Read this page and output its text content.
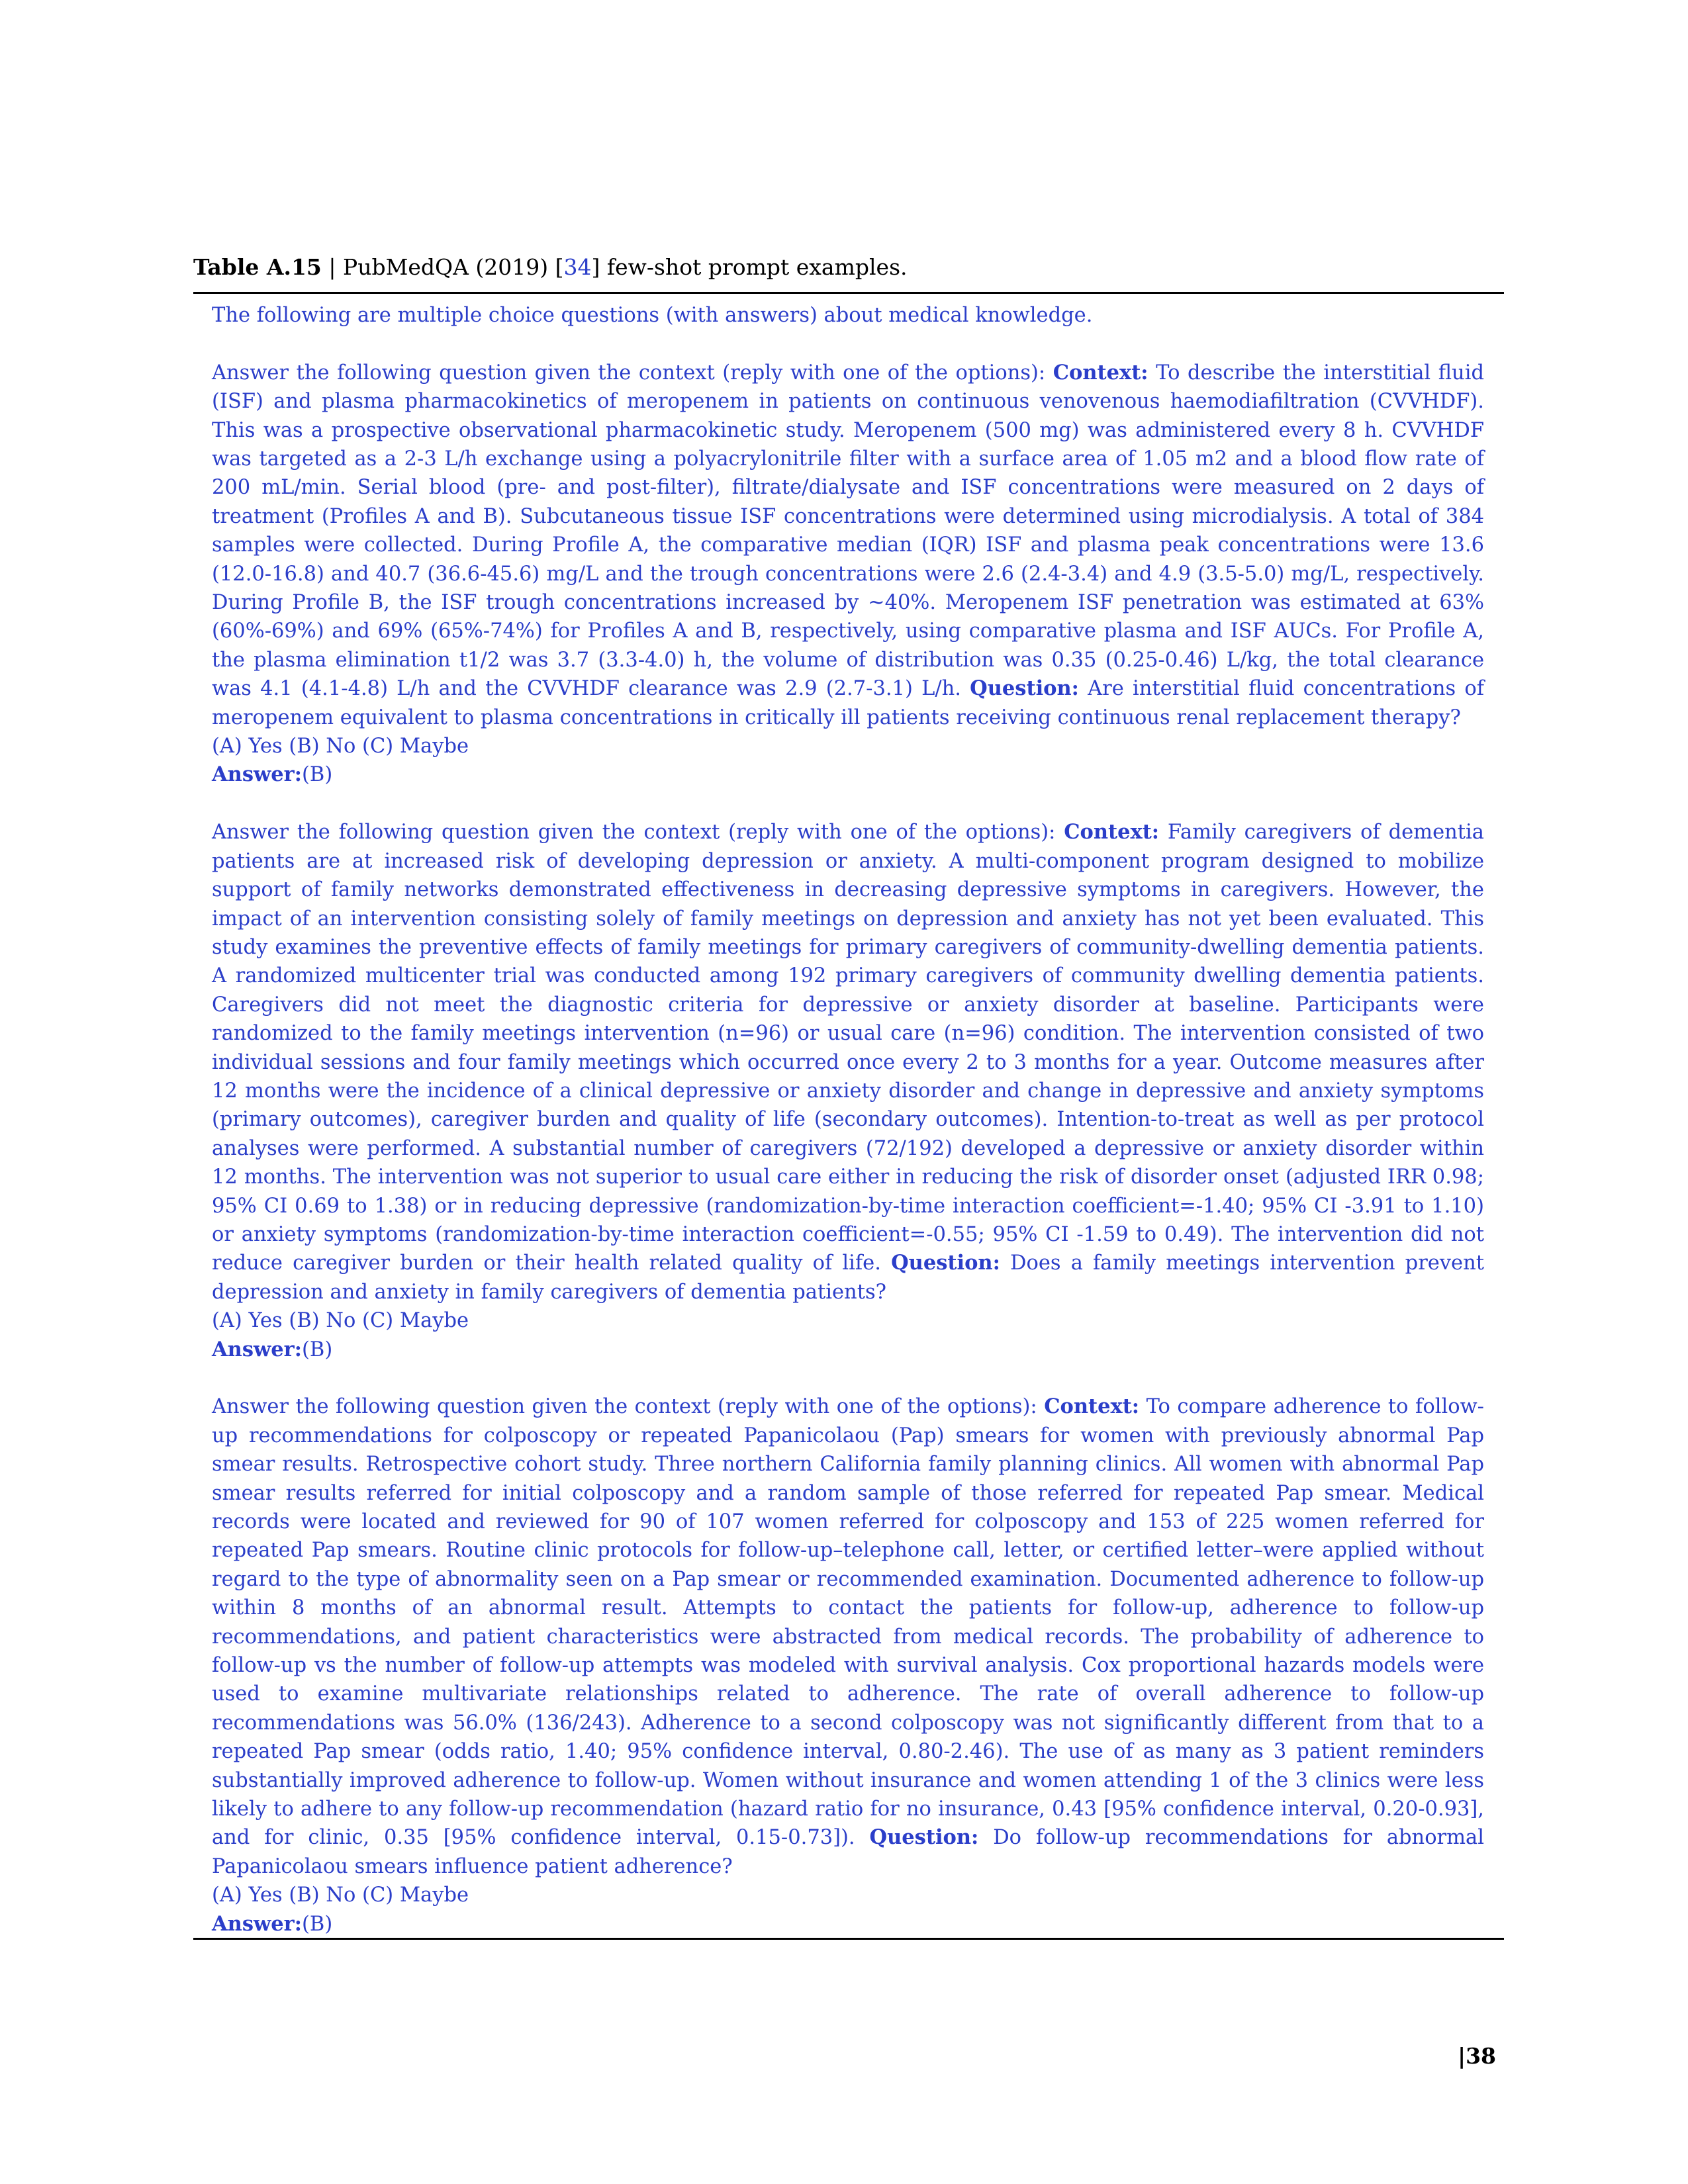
Table A.15 | PubMedQA (2019) [34] few-shot prompt examples.

The following are multiple choice questions (with answers) about medical knowledge.

Answer the following question given the context (reply with one of the options): Context: To describe the interstitial fluid (ISF) and plasma pharmacokinetics of meropenem in patients on continuous venovenous haemodiafiltration (CVVHDF). This was a prospective observational pharmacokinetic study. Meropenem (500 mg) was administered every 8 h. CVVHDF was targeted as a 2-3 L/h exchange using a polyacrylonitrile filter with a surface area of 1.05 m2 and a blood flow rate of 200 mL/min. Serial blood (pre- and post-filter), filtrate/dialysate and ISF concentrations were measured on 2 days of treatment (Profiles A and B). Subcutaneous tissue ISF concentrations were determined using microdialysis. A total of 384 samples were collected. During Profile A, the comparative median (IQR) ISF and plasma peak concentrations were 13.6 (12.0-16.8) and 40.7 (36.6-45.6) mg/L and the trough concentrations were 2.6 (2.4-3.4) and 4.9 (3.5-5.0) mg/L, respectively. During Profile B, the ISF trough concentrations increased by ∼40%. Meropenem ISF penetration was estimated at 63% (60%-69%) and 69% (65%-74%) for Profiles A and B, respectively, using comparative plasma and ISF AUCs. For Profile A, the plasma elimination t1/2 was 3.7 (3.3-4.0) h, the volume of distribution was 0.35 (0.25-0.46) L/kg, the total clearance was 4.1 (4.1-4.8) L/h and the CVVHDF clearance was 2.9 (2.7-3.1) L/h. Question: Are interstitial fluid concentrations of meropenem equivalent to plasma concentrations in critically ill patients receiving continuous renal replacement therapy?

(A) Yes (B) No (C) Maybe

Answer:(B)

Answer the following question given the context (reply with one of the options): Context: Family caregivers of dementia patients are at increased risk of developing depression or anxiety. A multi-component program designed to mobilize support of family networks demonstrated effectiveness in decreasing depressive symptoms in caregivers. However, the impact of an intervention consisting solely of family meetings on depression and anxiety has not yet been evaluated. This study examines the preventive effects of family meetings for primary caregivers of community-dwelling dementia patients. A randomized multicenter trial was conducted among 192 primary caregivers of community dwelling dementia patients. Caregivers did not meet the diagnostic criteria for depressive or anxiety disorder at baseline. Participants were randomized to the family meetings intervention (n=96) or usual care (n=96) condition. The intervention consisted of two individual sessions and four family meetings which occurred once every 2 to 3 months for a year. Outcome measures after 12 months were the incidence of a clinical depressive or anxiety disorder and change in depressive and anxiety symptoms (primary outcomes), caregiver burden and quality of life (secondary outcomes). Intention-to-treat as well as per protocol analyses were performed. A substantial number of caregivers (72/192) developed a depressive or anxiety disorder within 12 months. The intervention was not superior to usual care either in reducing the risk of disorder onset (adjusted IRR 0.98; 95% CI 0.69 to 1.38) or in reducing depressive (randomization-by-time interaction coefficient=-1.40; 95% CI -3.91 to 1.10) or anxiety symptoms (randomization-by-time interaction coefficient=-0.55; 95% CI -1.59 to 0.49). The intervention did not reduce caregiver burden or their health related quality of life. Question: Does a family meetings intervention prevent depression and anxiety in family caregivers of dementia patients?

(A) Yes (B) No (C) Maybe

Answer:(B)

Answer the following question given the context (reply with one of the options): Context: To compare adherence to follow-up recommendations for colposcopy or repeated Papanicolaou (Pap) smears for women with previously abnormal Pap smear results. Retrospective cohort study. Three northern California family planning clinics. All women with abnormal Pap smear results referred for initial colposcopy and a random sample of those referred for repeated Pap smear. Medical records were located and reviewed for 90 of 107 women referred for colposcopy and 153 of 225 women referred for repeated Pap smears. Routine clinic protocols for follow-up–telephone call, letter, or certified letter–were applied without regard to the type of abnormality seen on a Pap smear or recommended examination. Documented adherence to follow-up within 8 months of an abnormal result. Attempts to contact the patients for follow-up, adherence to follow-up recommendations, and patient characteristics were abstracted from medical records. The probability of adherence to follow-up vs the number of follow-up attempts was modeled with survival analysis. Cox proportional hazards models were used to examine multivariate relationships related to adherence. The rate of overall adherence to follow-up recommendations was 56.0% (136/243). Adherence to a second colposcopy was not significantly different from that to a repeated Pap smear (odds ratio, 1.40; 95% confidence interval, 0.80-2.46). The use of as many as 3 patient reminders substantially improved adherence to follow-up. Women without insurance and women attending 1 of the 3 clinics were less likely to adhere to any follow-up recommendation (hazard ratio for no insurance, 0.43 [95% confidence interval, 0.20-0.93], and for clinic, 0.35 [95% confidence interval, 0.15-0.73]). Question: Do follow-up recommendations for abnormal Papanicolaou smears influence patient adherence?

(A) Yes (B) No (C) Maybe

Answer:(B)

|38
